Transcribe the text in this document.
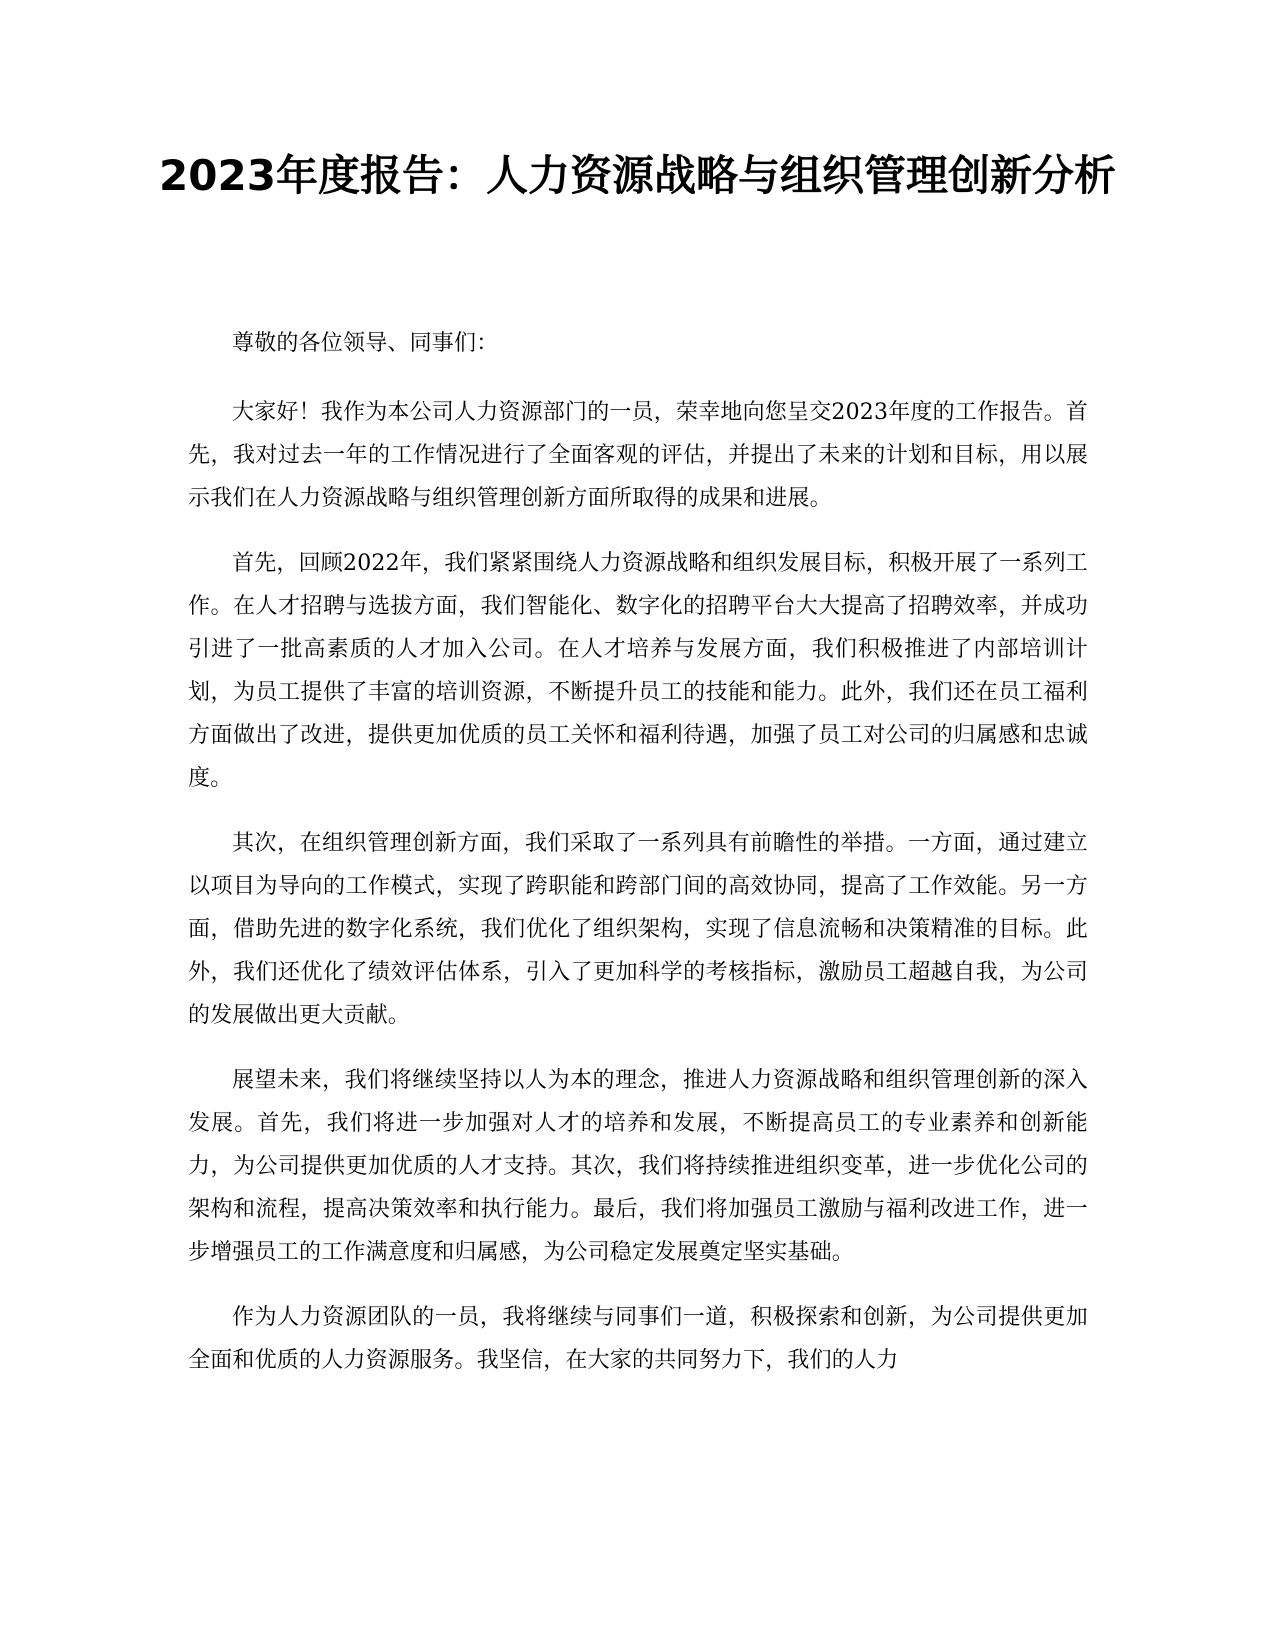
2023年度报告：人力资源战略与组织管理创新分析

尊敬的各位领导、同事们：

大家好！我作为本公司人力资源部门的一员，荣幸地向您呈交2023年度的工作报告。首先，我对过去一年的工作情况进行了全面客观的评估，并提出了未来的计划和目标，用以展示我们在人力资源战略与组织管理创新方面所取得的成果和进展。

首先，回顾2022年，我们紧紧围绕人力资源战略和组织发展目标，积极开展了一系列工作。在人才招聘与选拔方面，我们智能化、数字化的招聘平台大大提高了招聘效率，并成功引进了一批高素质的人才加入公司。在人才培养与发展方面，我们积极推进了内部培训计划，为员工提供了丰富的培训资源，不断提升员工的技能和能力。此外，我们还在员工福利方面做出了改进，提供更加优质的员工关怀和福利待遇，加强了员工对公司的归属感和忠诚度。

其次，在组织管理创新方面，我们采取了一系列具有前瞻性的举措。一方面，通过建立以项目为导向的工作模式，实现了跨职能和跨部门间的高效协同，提高了工作效能。另一方面，借助先进的数字化系统，我们优化了组织架构，实现了信息流畅和决策精准的目标。此外，我们还优化了绩效评估体系，引入了更加科学的考核指标，激励员工超越自我，为公司的发展做出更大贡献。

展望未来，我们将继续坚持以人为本的理念，推进人力资源战略和组织管理创新的深入发展。首先，我们将进一步加强对人才的培养和发展，不断提高员工的专业素养和创新能力，为公司提供更加优质的人才支持。其次，我们将持续推进组织变革，进一步优化公司的架构和流程，提高决策效率和执行能力。最后，我们将加强员工激励与福利改进工作，进一步增强员工的工作满意度和归属感，为公司稳定发展奠定坚实基础。

作为人力资源团队的一员，我将继续与同事们一道，积极探索和创新，为公司提供更加全面和优质的人力资源服务。我坚信，在大家的共同努力下，我们的人力
